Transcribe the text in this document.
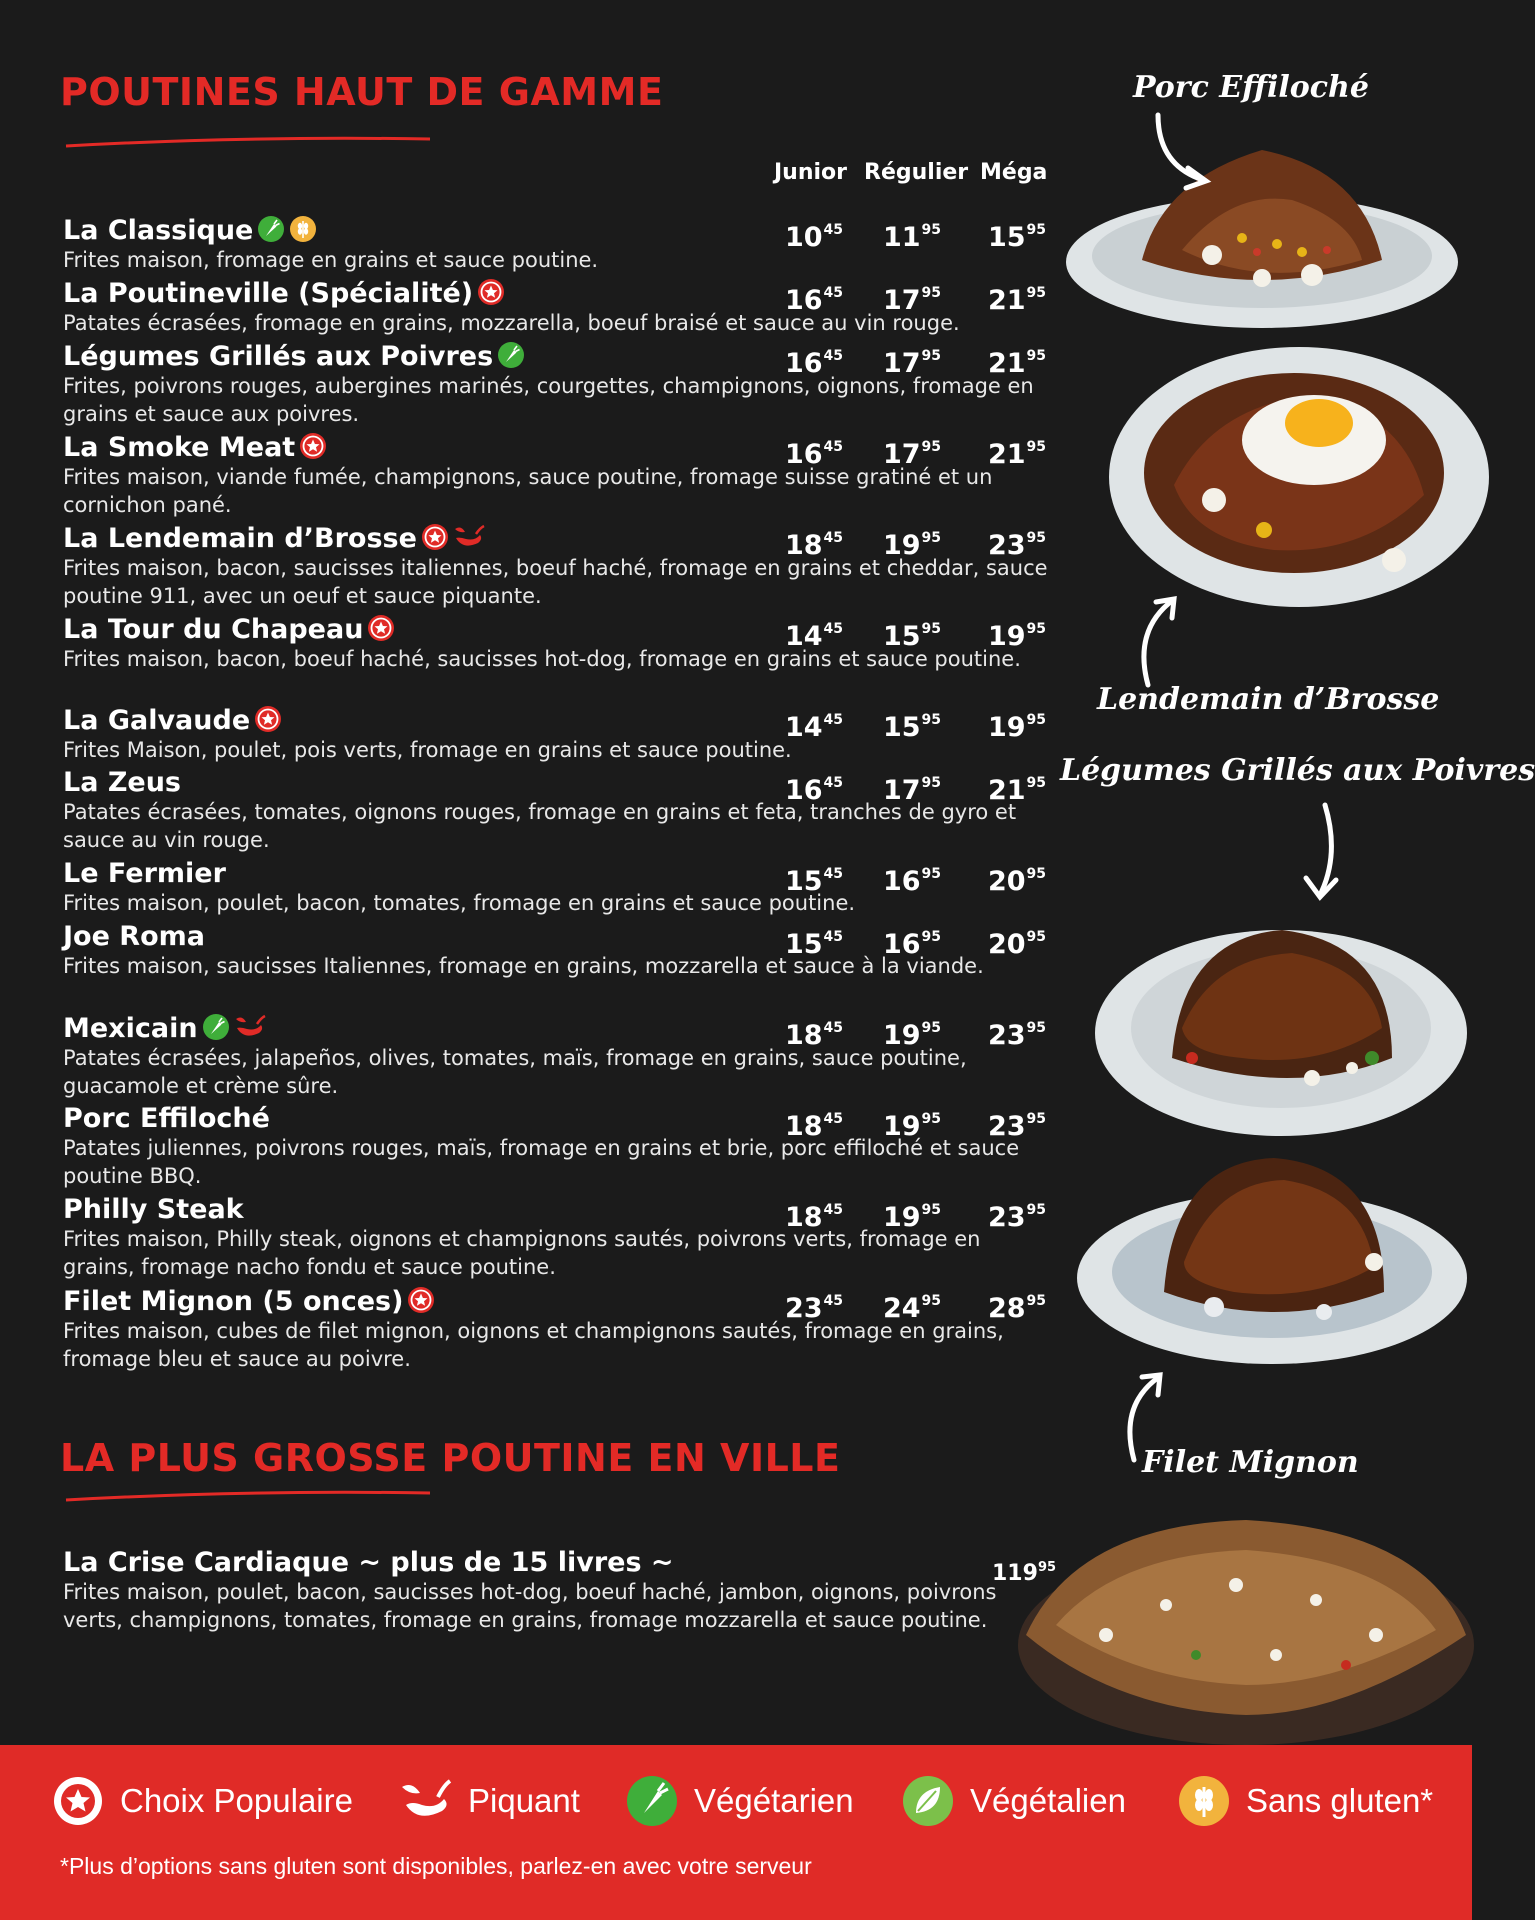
POUTINES HAUT DE GAMME
Junior Régulier Méga
La Classique
Frites maison, fromage en grains et sauce poutine.
$10^{45}$ $11^{95}$ $15^{95}$
La Poutineville (Spécialité)
Patates écrasées, fromage en grains, mozzarella, boeuf braisé et sauce au vin rouge.
$16^{45}$ $17^{95}$ $21^{95}$
Légumes Grillés aux Poivres
Frites, poivrons rouges, aubergines marinés, courgettes, champignons, oignons, fromage en grains et sauce aux poivres.
$16^{45}$ $17^{95}$ $21^{95}$
La Smoke Meat
Frites maison, viande fumée, champignons, sauce poutine, fromage suisse gratiné et un cornichon pané.
$16^{45}$ $17^{95}$ $21^{95}$
La Lendemain d’Brosse
Frites maison, bacon, saucisses italiennes, boeuf haché, fromage en grains et cheddar, sauce poutine 911, avec un oeuf et sauce piquante.
$18^{45}$ $19^{95}$ $23^{95}$
La Tour du Chapeau
Frites maison, bacon, boeuf haché, saucisses hot-dog, fromage en grains et sauce poutine.
$14^{45}$ $15^{95}$ $19^{95}$
La Galvaude
Frites Maison, poulet, pois verts, fromage en grains et sauce poutine.
$14^{45}$ $15^{95}$ $19^{95}$
La Zeus
Patates écrasées, tomates, oignons rouges, fromage en grains et feta, tranches de gyro et sauce au vin rouge.
$16^{45}$ $17^{95}$ $21^{95}$
Le Fermier
Frites maison, poulet, bacon, tomates, fromage en grains et sauce poutine.
$15^{45}$ $16^{95}$ $20^{95}$
Joe Roma
Frites maison, saucisses Italiennes, fromage en grains, mozzarella et sauce à la viande.
$15^{45}$ $16^{95}$ $20^{95}$
Mexicain
Patates écrasées, jalapeños, olives, tomates, maïs, fromage en grains, sauce poutine, guacamole et crème sûre.
$18^{45}$ $19^{95}$ $23^{95}$
Porc Effiloché
Patates juliennes, poivrons rouges, maïs, fromage en grains et brie, porc effiloché et sauce poutine BBQ.
$18^{45}$ $19^{95}$ $23^{95}$
Philly Steak
Frites maison, Philly steak, oignons et champignons sautés, poivrons verts, fromage en grains, fromage nacho fondu et sauce poutine.
$18^{45}$ $19^{95}$ $23^{95}$
Filet Mignon (5 onces)
Frites maison, cubes de filet mignon, oignons et champignons sautés, fromage en grains, fromage bleu et sauce au poivre.
$23^{45}$ $24^{95}$ $28^{95}$
LA PLUS GROSSE POUTINE EN VILLE
La Crise Cardiaque ~ plus de 15 livres ~
Frites maison, poulet, bacon, saucisses hot-dog, boeuf haché, jambon, oignons, poivrons verts, champignons, tomates, fromage en grains, fromage mozzarella et sauce poutine.
$119^{95}$
Porc Effiloché
Lendemain d’Brosse
Légumes Grillés aux Poivres
Filet Mignon
Choix Populaire	Piquant	Végétarien	Végétalien	Sans gluten*
*Plus d’options sans gluten sont disponibles, parlez-en avec votre serveur
